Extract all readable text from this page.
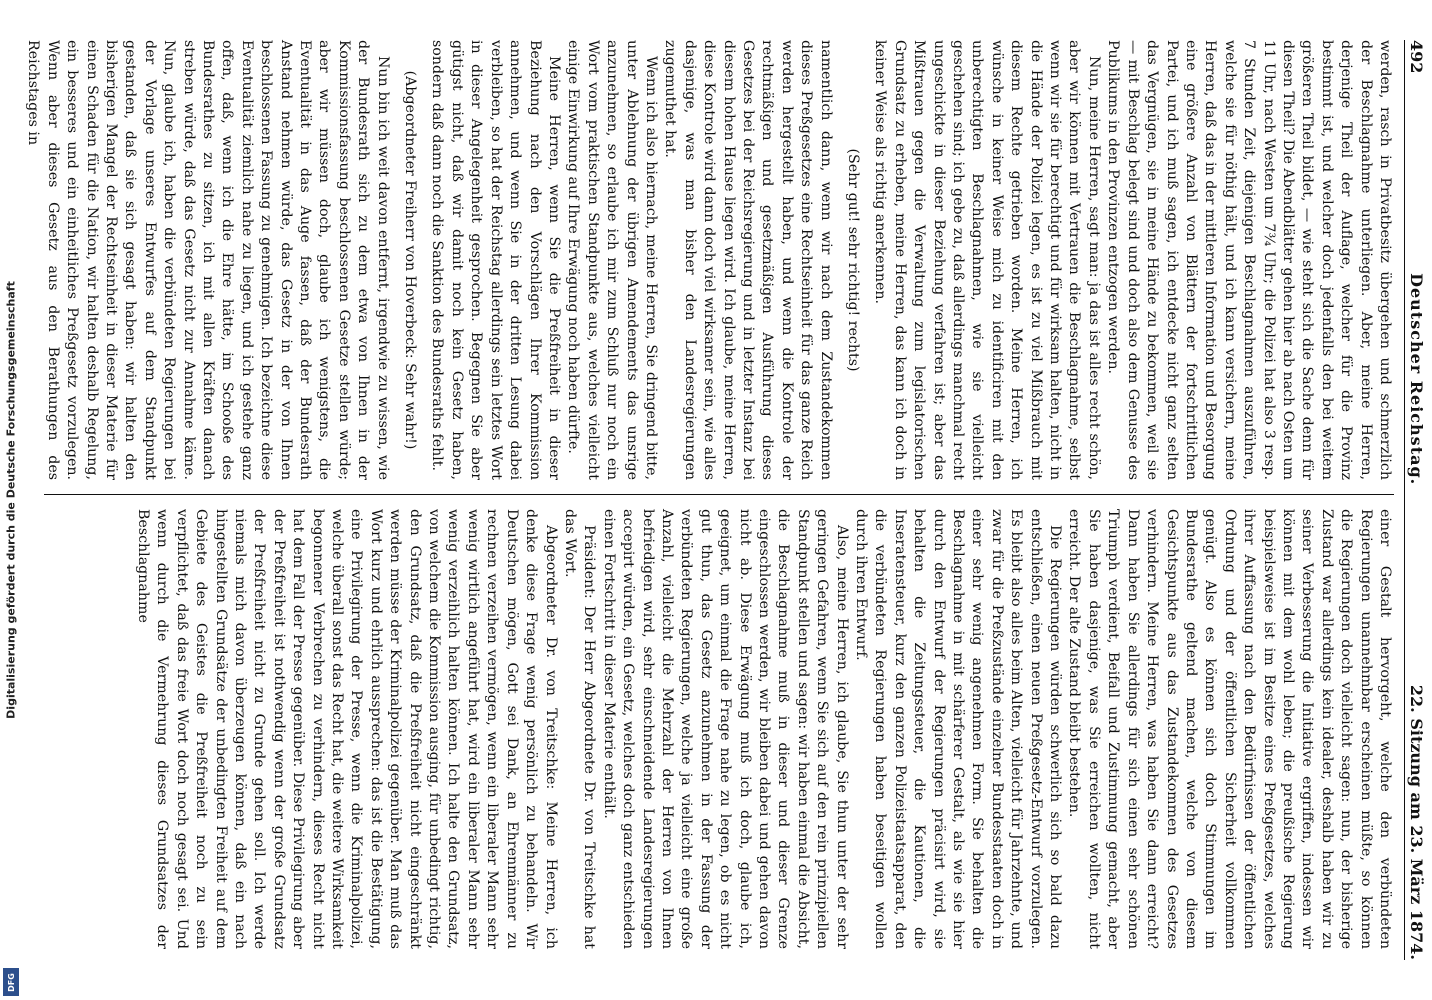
Digitalisierung gefördert durch die Deutsche Forschungsgemeinschaft
DFG
492
Deutscher Reichstag.
22. Sitzung am 23. März 1874.

werden, rasch in Privatbesitz übergehen und schmerzlich der Beschlagnahme unterliegen. Aber, meine Herren, derjenige Theil der Auflage, welcher für die Provinz bestimmt ist, und welcher doch jedenfalls den bei weitem größeren Theil bildet, — wie steht sich die Sache denn für diesen Theil? Die Abendblätter gehen hier ab nach Osten um 11 Uhr, nach Westen um 7¾ Uhr; die Polizei hat also 3 resp. 7 Stunden Zeit, diejenigen Beschlagnahmen auszuführen, welche sie für nöthig hält, und ich kann versichern, meine Herren, daß das in der mittleren Information und Besorgung eine größere Anzahl von Blättern der fortschrittlichen Partei, und ich muß sagen, ich entdecke nicht ganz selten das Vergnügen, sie in meine Hände zu bekommen, weil sie — mit Beschlag belegt sind und doch also dem Genusse des Publikums in den Provinzen entzogen werden.

Nun, meine Herren, sagt man: ja das ist alles recht schön, aber wir können mit Vertrauen die Beschlagnahme, selbst wenn wir sie für berechtigt und für wirksam halten, nicht in die Hände der Polizei legen, es ist zu viel Mißbrauch mit diesem Rechte getrieben worden. Meine Herren, ich wünsche in keiner Weise mich zu identificiren mit den unberechtigten Beschlagnahmen, wie sie vielleicht geschehen sind; ich gebe zu, daß allerdings manchmal recht ungeschickte in dieser Beziehung verfahren ist; aber das Mißtrauen gegen die Verwaltung zum legislatorischen Grundsatz zu erheben, meine Herren, das kann ich doch in keiner Weise als richtig anerkennen.

(Sehr gut! sehr richtig! rechts)

namentlich dann, wenn wir nach dem Zustandekommen dieses Preßgesetzes eine Rechtseinheit für das ganze Reich werden hergestellt haben, und wenn die Kontrole der rechtmäßigen und gesetzmäßigen Ausführung dieses Gesetzes bei der Reichsregierung und in letzter Instanz bei diesem hohen Hause liegen wird. Ich glaube, meine Herren, diese Kontrole wird dann doch viel wirksamer sein, wie alles dasjenige, was man bisher den Landesregierungen zugemuthet hat.

Wenn ich also hiernach, meine Herren, Sie dringend bitte, unter Ablehnung der übrigen Amendements das unsrige anzunehmen, so erlaube ich mir zum Schluß nur noch ein Wort vom praktischen Standpunkte aus, welches vielleicht einige Einwirkung auf Ihre Erwägung noch haben dürfte.

Meine Herren, wenn Sie die Preßfreiheit in dieser Beziehung nach den Vorschlägen Ihrer Kommission annehmen, und wenn Sie in der dritten Lesung dabei verbleiben, so hat der Reichstag allerdings sein letztes Wort in dieser Angelegenheit gesprochen. Begegnen Sie aber gütigst nicht, daß wir damit noch kein Gesetz haben, sondern daß dann noch die Sanktion des Bundesraths fehlt.

(Abgeordneter Freiherr von Hoverbeck: Sehr wahr!)

Nun bin ich weit davon entfernt, irgendwie zu wissen, wie der Bundesrath sich zu dem etwa von Ihnen in der Kommissionsfassung beschlossenen Gesetze stellen würde; aber wir müssen doch, glaube ich wenigstens, die Eventualität in das Auge fassen, daß der Bundesrath Anstand nehmen würde, das Gesetz in der von Ihnen beschlossenen Fassung zu genehmigen. Ich bezeichne diese Eventualität ziemlich nahe zu liegen, und ich gestehe ganz offen, daß, wenn ich die Ehre hätte, im Schooße des Bundesrathes zu sitzen, ich mit allen Kräften danach streben würde, daß das Gesetz nicht zur Annahme käme. Nun, glaube ich, haben die verbündeten Regierungen bei der Vorlage unseres Entwurfes auf dem Standpunkt gestanden, daß sie sich gesagt haben: wir halten den bisherigen Mangel der Rechtseinheit in dieser Materie für einen Schaden für die Nation, wir halten deshalb Regelung, ein besseres und ein einheitliches Preßgesetz vorzulegen. Wenn aber dieses Gesetz aus den Berathungen des Reichstages in

einer Gestalt hervorgeht, welche den verbündeten Regierungen unannehmbar erscheinen müßte, so können die Regierungen doch vielleicht sagen: nun, der bisherige Zustand war allerdings kein idealer, deshalb haben wir zu seiner Verbesserung die Initiative ergriffen, indessen wir können mit dem wohl leben; die preußische Regierung beispielsweise ist im Besitze eines Preßgesetzes, welches ihrer Auffassung nach den Bedürfnissen der öffentlichen Ordnung und der öffentlichen Sicherheit vollkommen genügt. Also es können sich doch Stimmungen im Bundesrathe geltend machen, welche von diesem Gesichtspunkte aus das Zustandekommen des Gesetzes verhindern. Meine Herren, was haben Sie dann erreicht? Dann haben Sie allerdings für sich einen sehr schönen Triumph verdient, Beifall und Zustimmung gemacht, aber Sie haben dasjenige, was Sie erreichen wollten, nicht erreicht. Der alte Zustand bleibt bestehen.

Die Regierungen würden schwerlich sich so bald dazu entschließen, einen neuen Preßgesetz-Entwurf vorzulegen. Es bleibt also alles beim Alten, vielleicht für Jahrzehnte, und zwar für die Preßzustände einzelner Bundesstaaten doch in einer sehr wenig angenehmen Form. Sie behalten die Beschlagnahme in mit schärferer Gestalt, als wie sie hier durch den Entwurf der Regierungen präcisirt wird, sie behalten die Zeitungssteuer, die Kautionen, die Inseratensteuer, kurz den ganzen Polizeistaatsapparat, den die verbündeten Regierungen haben beseitigen wollen durch ihren Entwurf.

Also, meine Herren, ich glaube, Sie thun unter der sehr geringen Gefahren, wenn Sie sich auf den rein prinzipiellen Standpunkt stellen und sagen: wir haben einmal die Absicht, die Beschlagnahme muß in dieser und dieser Grenze eingeschlossen werden, wir bleiben dabei und gehen davon nicht ab. Diese Erwägung muß ich doch, glaube ich, geeignet, um einmal die Frage nahe zu legen, ob es nicht gut thun, das Gesetz anzunehmen in der Fassung der verbündeten Regierungen, welche ja vielleicht eine große Anzahl, vielleicht die Mehrzahl der Herren von Ihnen befriedigen wird, sehr einschneidende Landesregierungen accepirt würden, ein Gesetz, welches doch ganz entschieden einen Fortschritt in dieser Materie enthält.

Präsident: Der Herr Abgeordnete Dr. von Treitschke hat das Wort.

Abgeordneter Dr. von Treitschke: Meine Herren, ich denke diese Frage wenig persönlich zu behandeln. Wir Deutschen mögen, Gott sei Dank, an Ehrenmänner zu rechnen verzeihen vermögen, wenn ein liberaler Mann sehr wenig wirtlich angeführt hat, wird ein liberaler Mann sehr wenig verzeihlich halten können. Ich halte den Grundsatz, von welchem die Kommission ausging, für unbedingt richtig, den Grundsatz, daß die Preßfreiheit nicht eingeschränkt werden müsse der Kriminalpolizei gegenüber. Man muß das Wort kurz und ehrlich aussprechen: das ist die Bestätigung, eine Privilegirung der Presse, wenn die Kriminalpolizei, welche überall sonst das Recht hat, die weitere Wirksamkeit begonnener Verbrechen zu verhindern, dieses Recht nicht hat dem Fall der Presse gegenüber. Diese Privilegirung aber der Preßfreiheit ist nothwendig wenn der große Grundsatz der Preßfreiheit nicht zu Grunde gehen soll. Ich werde niemals mich davon überzeugen können, daß ein nach hingestellten Grundsätze der unbedingten Freiheit auf dem Gebiete des Geistes die Preßfreiheit noch zu sein verpflichtet, daß das freie Wort doch noch gesagt sei. Und wenn durch die Vermehrung dieses Grundsatzes der Beschlagnahme
